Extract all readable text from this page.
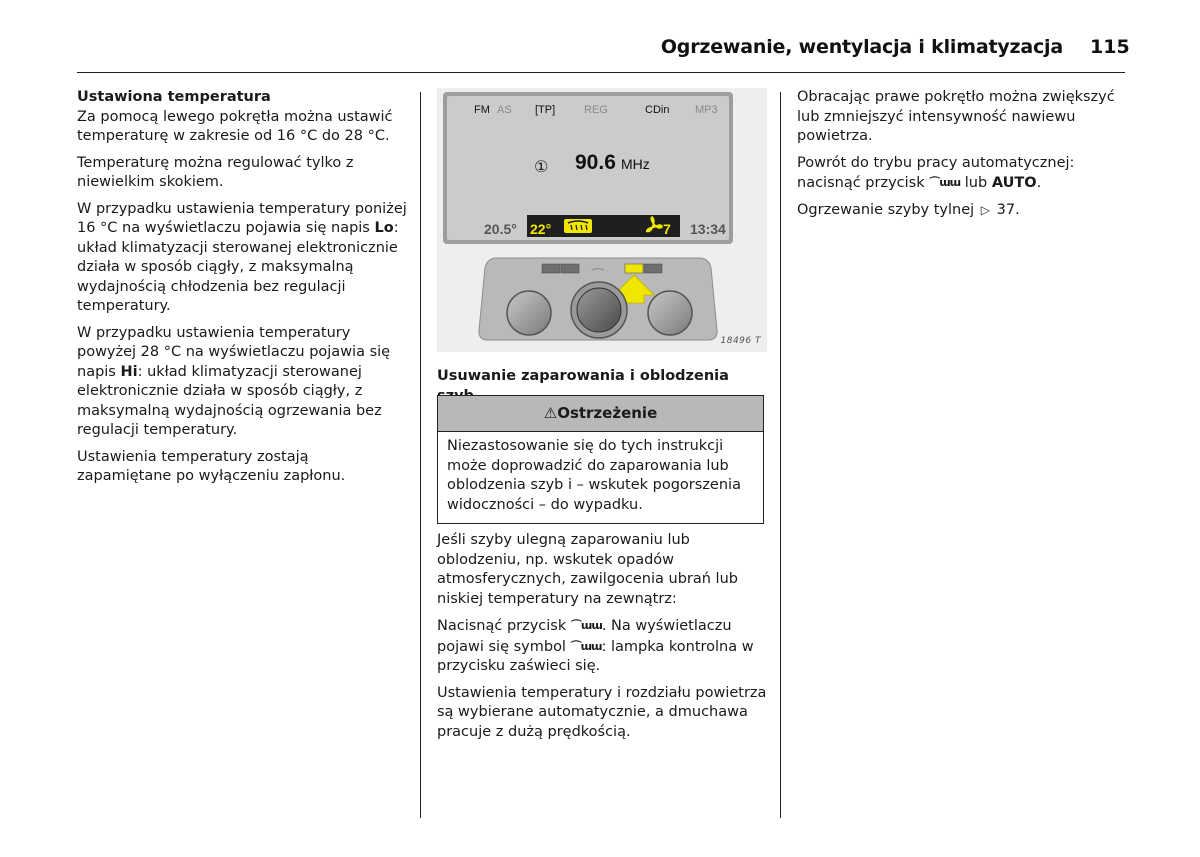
Ogrzewanie, wentylacja i klimatyzacja 115

Ustawiona temperatura

Za pomocą lewego pokrętła można ustawić temperaturę w zakresie od 16 °C do 28 °C.

Temperaturę można regulować tylko z niewielkim skokiem.

W przypadku ustawienia temperatury poniżej 16 °C na wyświetlaczu pojawia się napis Lo: układ klimatyzacji sterowanej elektronicznie działa w sposób ciągły, z maksymalną wydajnością chłodzenia bez regulacji temperatury.

W przypadku ustawienia temperatury powyżej 28 °C na wyświetlaczu pojawia się napis Hi: układ klimatyzacji sterowanej elektronicznie działa w sposób ciągły, z maksymalną wydajnością ogrzewania bez regulacji temperatury.

Ustawienia temperatury zostają zapamiętane po wyłączeniu zapłonu.

FM AS [TP]	REG	CDin MP3
① 90.6 MHz
20.5° 22°	7 13:34
18496 T

Usuwanie zaparowania i oblodzenia

⚠Ostrzeżenie
Niezastosowanie się do tych instrukcji może doprowadzić do zaparowania lub oblodzenia szyb i – wskutek pogorszenia widoczności – do wypadku.

Jeśli szyby ulegną zaparowaniu lub oblodzeniu, np. wskutek opadów atmosferycznych, zawilgocenia ubrań lub niskiej temperatury na zewnątrz:

Nacisnąć przycisk ⌒ɯɯ. Na wyświetlaczu pojawi się symbol ⌒ɯɯ: lampka kontrolna w przycisku zaświeci się.

Ustawienia temperatury i rozdziału powietrza są wybierane automatycznie, a dmuchawa pracuje z dużą prędkością.

Obracając prawe pokrętło można zwiększyć lub zmniejszyć intensywność nawiewu powietrza.

Powrót do trybu pracy automatycznej: nacisnąć przycisk ⌒ɯɯ lub AUTO.

Ogrzewanie szyby tylnej ▷ 37.
